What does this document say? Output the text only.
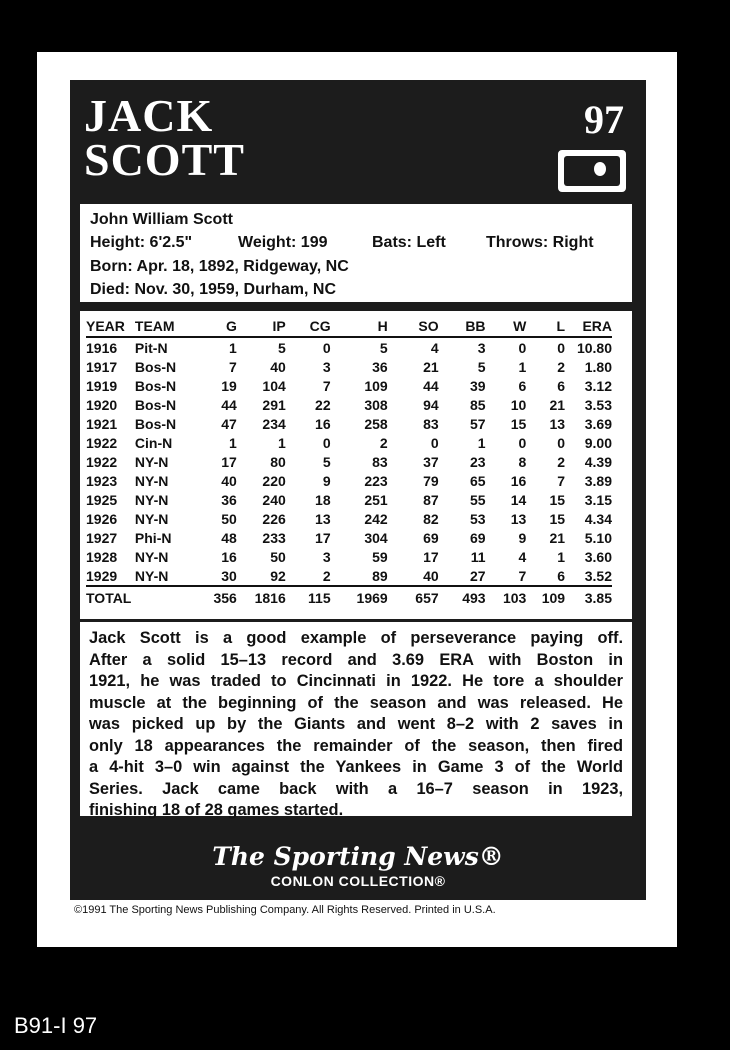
JACK
SCOTT
97
John William Scott
Height: 6'2.5"	Weight: 199	Bats: Left	Throws: Right
Born: Apr. 18, 1892, Ridgeway, NC
Died: Nov. 30, 1959, Durham, NC
YEAR	TEAM	G	IP	CG	H	SO	BB	W	L	ERA
1916	Pit-N	1	5	0	5	4	3	0	0	10.80
1917	Bos-N	7	40	3	36	21	5	1	2	1.80
1919	Bos-N	19	104	7	109	44	39	6	6	3.12
1920	Bos-N	44	291	22	308	94	85	10	21	3.53
1921	Bos-N	47	234	16	258	83	57	15	13	3.69
1922	Cin-N	1	1	0	2	0	1	0	0	9.00
1922	NY-N	17	80	5	83	37	23	8	2	4.39
1923	NY-N	40	220	9	223	79	65	16	7	3.89
1925	NY-N	36	240	18	251	87	55	14	15	3.15
1926	NY-N	50	226	13	242	82	53	13	15	4.34
1927	Phi-N	48	233	17	304	69	69	9	21	5.10
1928	NY-N	16	50	3	59	17	11	4	1	3.60
1929	NY-N	30	92	2	89	40	27	7	6	3.52
TOTAL		356	1816	115	1969	657	493	103	109	3.85
Jack Scott is a good example of perseverance paying off.
After a solid 15–13 record and 3.69 ERA with Boston in
1921, he was traded to Cincinnati in 1922. He tore a shoulder
muscle at the beginning of the season and was released. He
was picked up by the Giants and went 8–2 with 2 saves in
only 18 appearances the remainder of the season, then fired
a 4-hit 3–0 win against the Yankees in Game 3 of the World
Series. Jack came back with a 16–7 season in 1923,
finishing 18 of 28 games started.
The Sporting News®
CONLON COLLECTION®
©1991 The Sporting News Publishing Company. All Rights Reserved. Printed in U.S.A.
B91-I 97
